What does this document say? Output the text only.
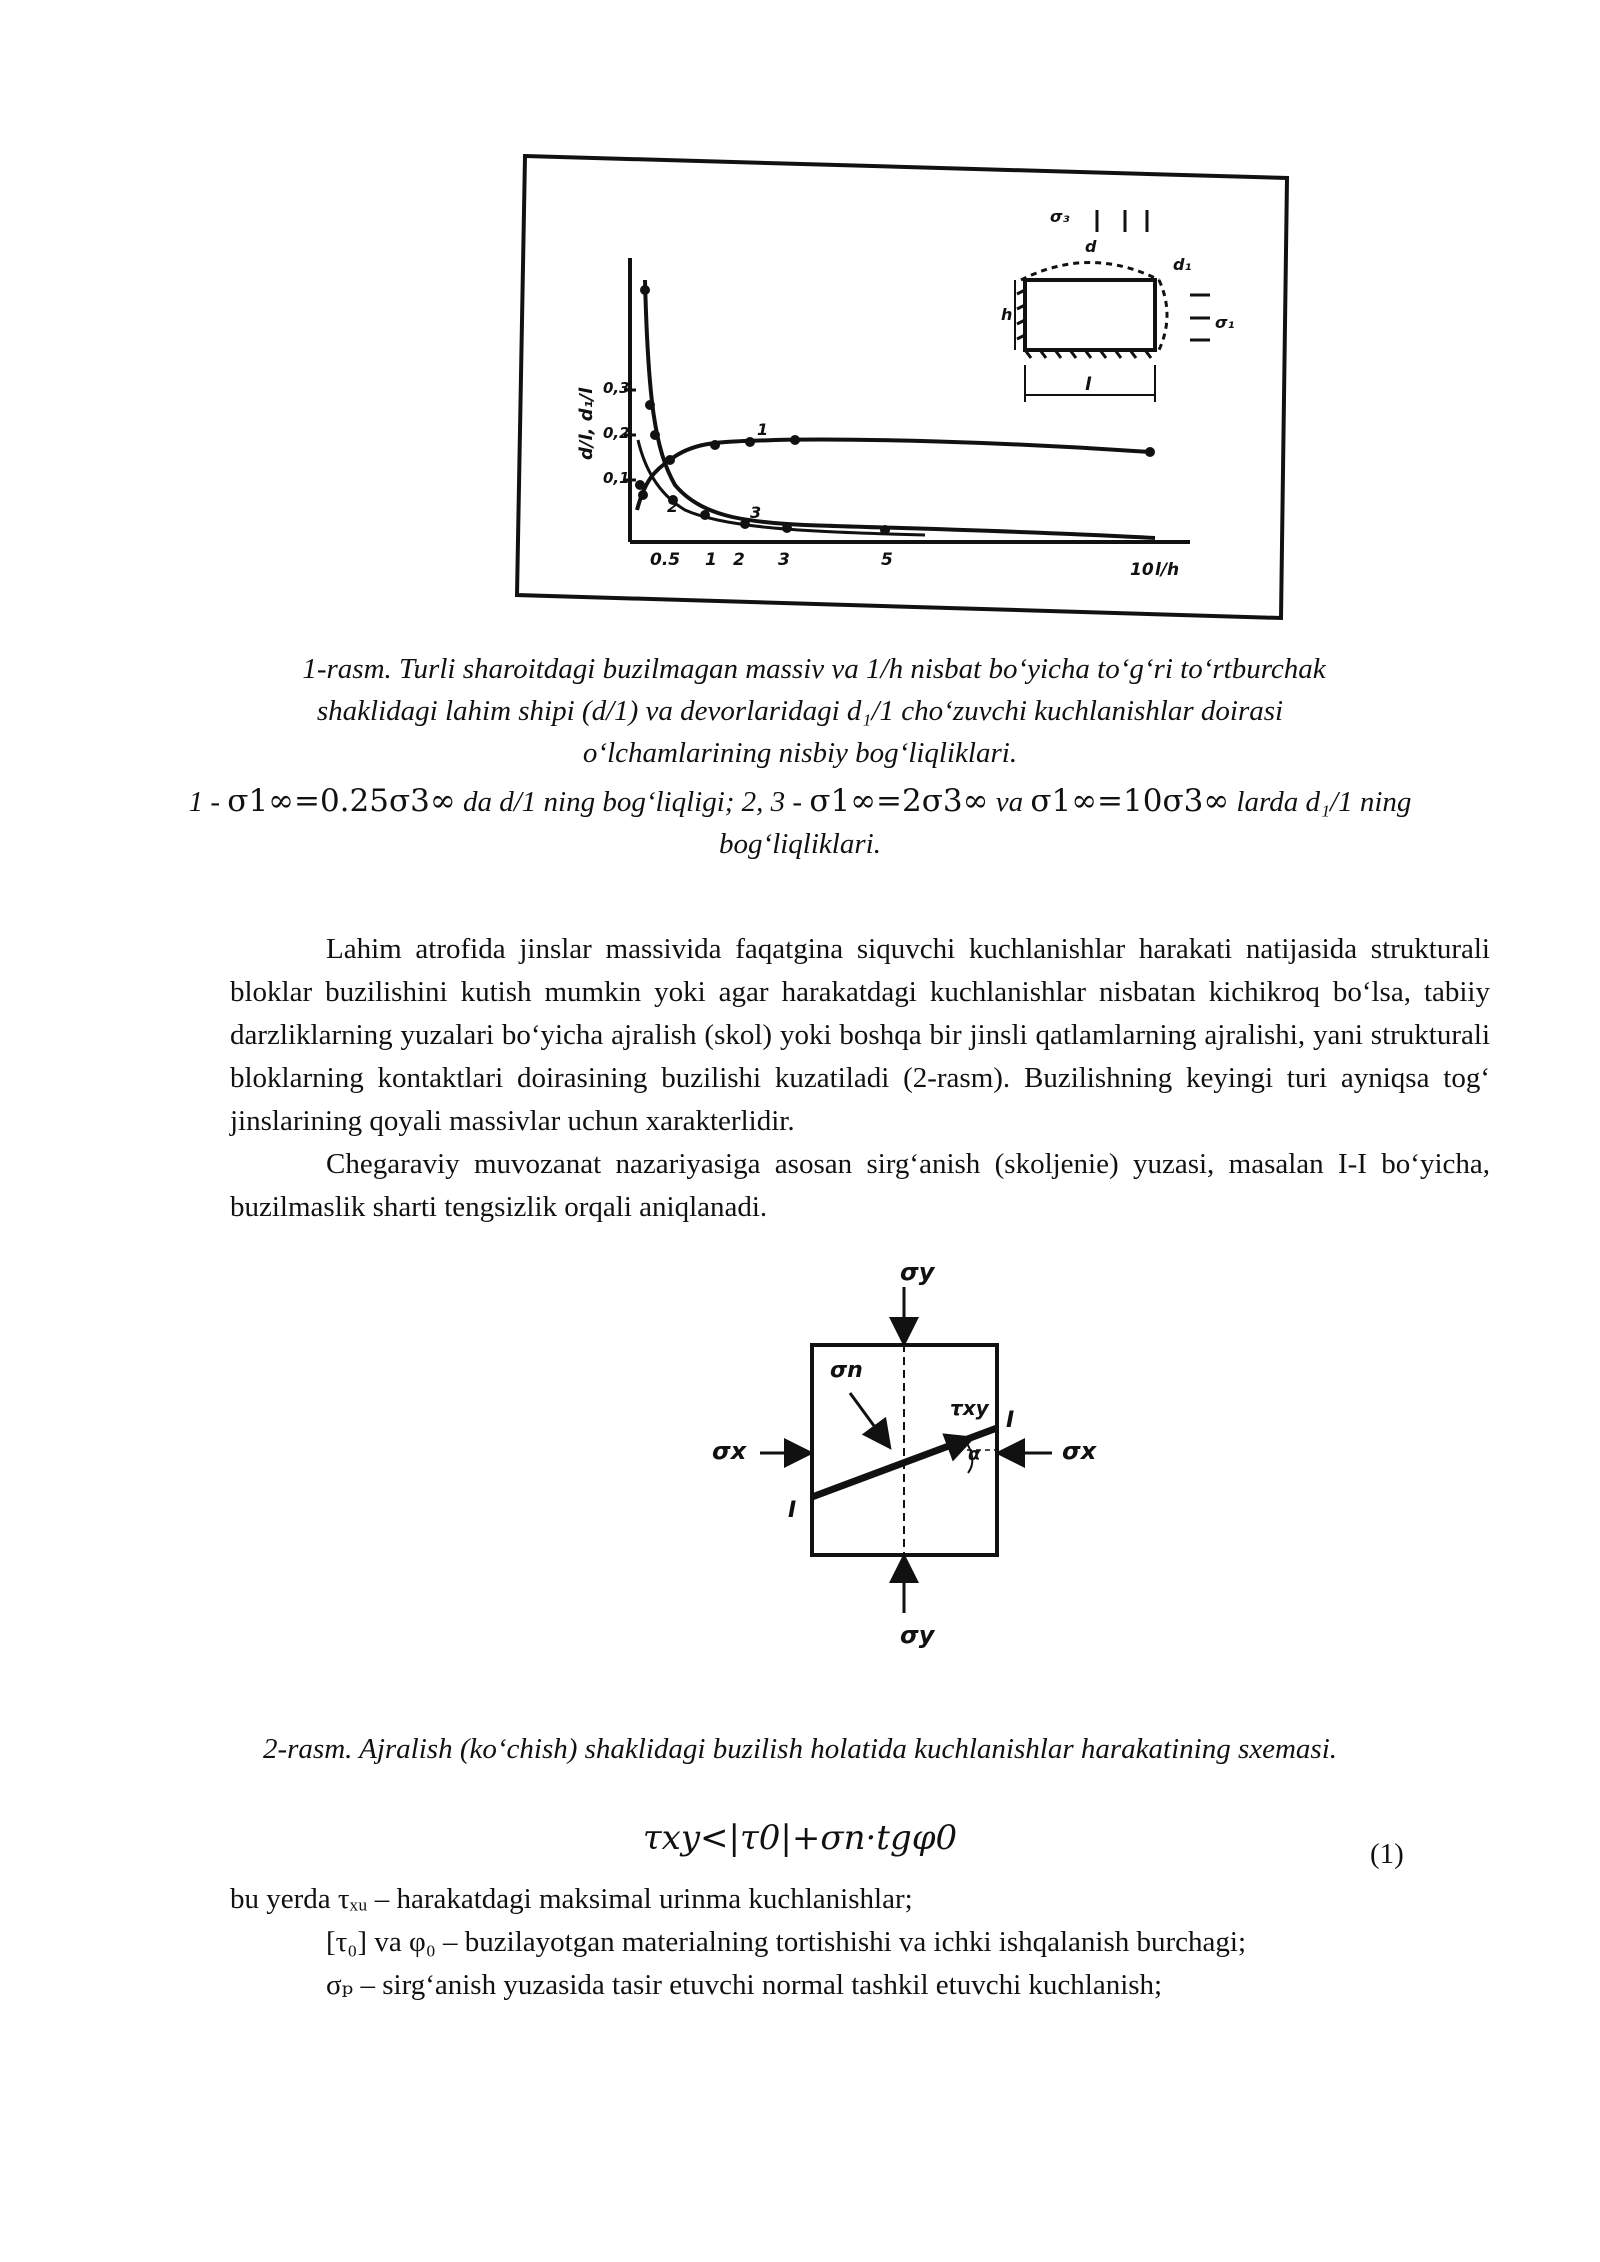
d/l, d₁/l 0,3
0,2
0,1
0.5 1 2 3	5	10 l/h
1
2	3
σ₃
d
d₁
h
l
σ₁
1-rasm. Turli sharoitdagi buzilmagan massiv va 1/h nisbat bo‘yicha to‘g‘ri to‘rtburchak
shaklidagi lahim shipi (d/1) va devorlaridagi d₁/1 cho‘zuvchi kuchlanishlar doirasi
o‘lchamlarining nisbiy bog‘liqliklari.
1 - σ1∞=0.25σ3∞ da d/1 ning bog‘liqligi; 2, 3 - σ1∞=2σ3∞ va σ1∞=10σ3∞ larda d₁/1 ning
bog‘liqliklari.

Lahim atrofida jinslar massivida faqatgina siquvchi kuchlanishlar harakati natijasida strukturali bloklar buzilishini kutish mumkin yoki agar harakatdagi kuchlanishlar nisbatan kichikroq bo‘lsa, tabiiy darzliklarning yuzalari bo‘yicha ajralish (skol) yoki boshqa bir jinsli qatlamlarning ajralishi, yani strukturali bloklarning kontaktlari doirasining buzilishi kuzatiladi (2-rasm). Buzilishning keyingi turi ayniqsa tog‘ jinslarining qoyali massivlar uchun xarakterlidir.

Chegaraviy muvozanat nazariyasiga asosan sirg‘anish (skoljenie) yuzasi, masalan I-I bo‘yicha, buzilmaslik sharti tengsizlik orqali aniqlanadi.

σy
σy
σx	σx
σn
τxy
α
I
I
2-rasm. Ajralish (ko‘chish) shaklidagi buzilish holatida kuchlanishlar harakatining sxemasi.
τxy<|τ0|+σn·tgφ0	(1)
bu yerda τₓᵤ – harakatdagi maksimal urinma kuchlanishlar;
[τ₀] va φ₀ – buzilayotgan materialning tortishishi va ichki ishqalanish burchagi;
σₚ – sirg‘anish yuzasida tasir etuvchi normal tashkil etuvchi kuchlanish;
